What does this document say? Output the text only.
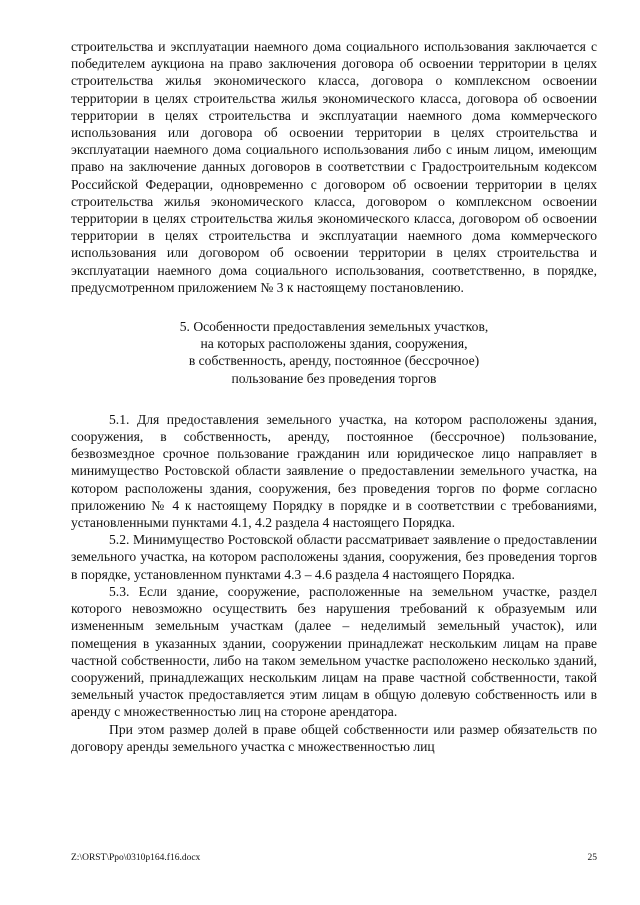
строительства и эксплуатации наемного дома социального использования заключается с победителем аукциона на право заключения договора об освоении территории в целях строительства жилья экономического класса, договора о комплексном освоении территории в целях строительства жилья экономического класса, договора об освоении территории в целях строительства и эксплуатации наемного дома коммерческого использования или договора об освоении территории в целях строительства и эксплуатации наемного дома социального использования либо с иным лицом, имеющим право на заключение данных договоров в соответствии с Градостроительным кодексом Российской Федерации, одновременно с договором об освоении территории в целях строительства жилья экономического класса, договором о комплексном освоении территории в целях строительства жилья экономического класса, договором об освоении территории в целях строительства и эксплуатации наемного дома коммерческого использования или договором об освоении территории в целях строительства и эксплуатации наемного дома социального использования, соответственно, в порядке, предусмотренном приложением № 3 к настоящему постановлению.

5. Особенности предоставления земельных участков,
на которых расположены здания, сооружения,
в собственность, аренду, постоянное (бессрочное)
пользование без проведения торгов

5.1. Для предоставления земельного участка, на котором расположены здания, сооружения, в собственность, аренду, постоянное (бессрочное) пользование, безвозмездное срочное пользование гражданин или юридическое лицо направляет в минимущество Ростовской области заявление о предоставлении земельного участка, на котором расположены здания, сооружения, без проведения торгов по форме согласно приложению № 4 к настоящему Порядку в порядке и в соответствии с требованиями, установленными пунктами 4.1, 4.2 раздела 4 настоящего Порядка.

5.2. Минимущество Ростовской области рассматривает заявление о предоставлении земельного участка, на котором расположены здания, сооружения, без проведения торгов в порядке, установленном пунктами 4.3 – 4.6 раздела 4 настоящего Порядка.

5.3. Если здание, сооружение, расположенные на земельном участке, раздел которого невозможно осуществить без нарушения требований к образуемым или измененным земельным участкам (далее – неделимый земельный участок), или помещения в указанных здании, сооружении принадлежат нескольким лицам на праве частной собственности, либо на таком земельном участке расположено несколько зданий, сооружений, принадлежащих нескольким лицам на праве частной собственности, такой земельный участок предоставляется этим лицам в общую долевую собственность или в аренду с множественностью лиц на стороне арендатора.

При этом размер долей в праве общей собственности или размер обязательств по договору аренды земельного участка с множественностью лиц

Z:\ORST\Ppo\0310p164.f16.docx	25
